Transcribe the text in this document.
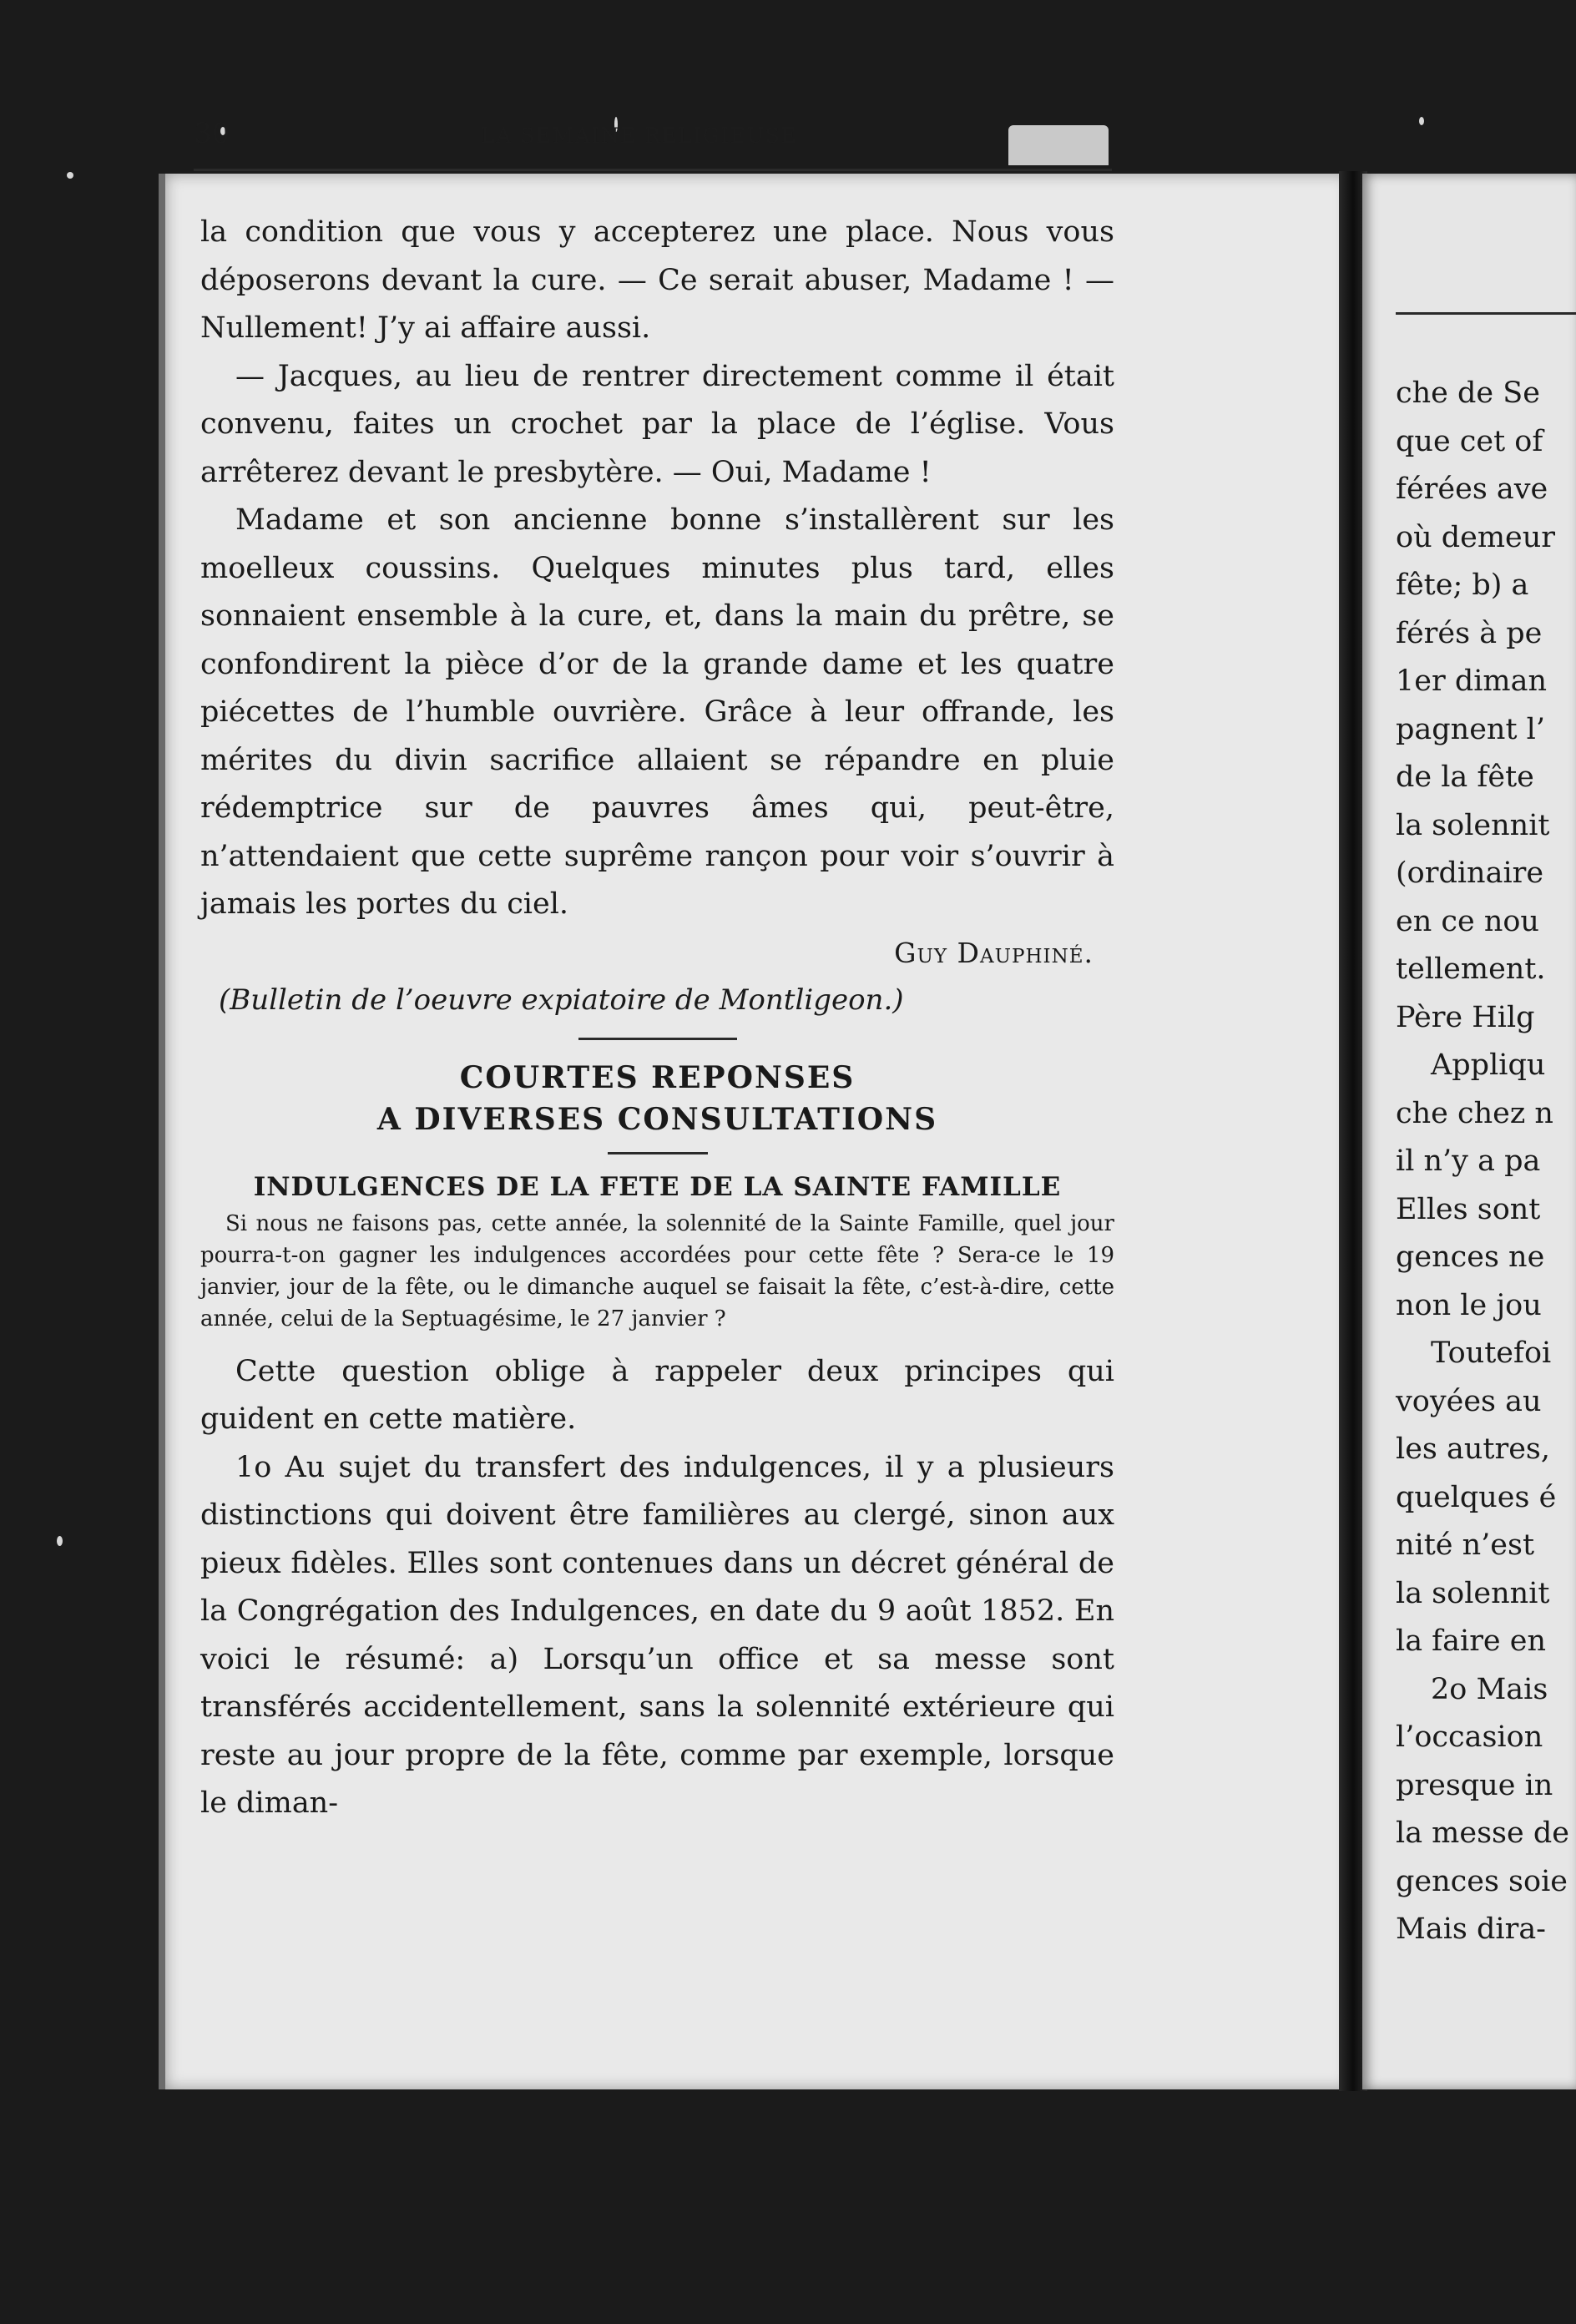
30	LA SEMAINE RELIGIEUSE

la condition que vous y accepterez une place. Nous vous déposerons devant la cure. — Ce serait abuser, Madame ! — Nullement! J’y ai affaire aussi.

— Jacques, au lieu de rentrer directement comme il était convenu, faites un crochet par la place de l’église. Vous arrêterez devant le presbytère. — Oui, Madame !

Madame et son ancienne bonne s’installèrent sur les moelleux coussins. Quelques minutes plus tard, elles sonnaient ensemble à la cure, et, dans la main du prêtre, se confondirent la pièce d’or de la grande dame et les quatre piécettes de l’humble ouvrière. Grâce à leur offrande, les mérites du divin sacrifice allaient se répandre en pluie rédemptrice sur de pauvres âmes qui, peut-être, n’attendaient que cette suprême rançon pour voir s’ouvrir à jamais les portes du ciel.

Guy Dauphiné.

(Bulletin de l’oeuvre expiatoire de Montligeon.)

COURTES REPONSES

A DIVERSES CONSULTATIONS

INDULGENCES DE LA FETE DE LA SAINTE FAMILLE

Si nous ne faisons pas, cette année, la solennité de la Sainte Famille, quel jour pourra-t-on gagner les indulgences accordées pour cette fête ? Sera-ce le 19 janvier, jour de la fête, ou le dimanche auquel se faisait la fête, c’est-à-dire, cette année, celui de la Septuagésime, le 27 janvier ?

Cette question oblige à rappeler deux principes qui guident en cette matière.

1o Au sujet du transfert des indulgences, il y a plusieurs distinctions qui doivent être familières au clergé, sinon aux pieux fidèles. Elles sont contenues dans un décret général de la Congrégation des Indulgences, en date du 9 août 1852. En voici le résumé: a) Lorsqu’un office et sa messe sont transférés accidentellement, sans la solennité extérieure qui reste au jour propre de la fête, comme par exemple, lorsque le diman-

che de Se

que cet of

férées ave

où demeur

fête; b) a

férés à pe

1er diman

pagnent l’

de la fête

la solennit

(ordinaire

en ce nou

tellement.

Père Hilg

Appliqu

che chez n

il n’y a pa

Elles sont

gences ne

non le jou

Toutefoi

voyées au

les autres,

quelques é

nité n’est

la solennit

la faire en

2o Mais

l’occasion

presque in

la messe de

gences soie

Mais dira-
